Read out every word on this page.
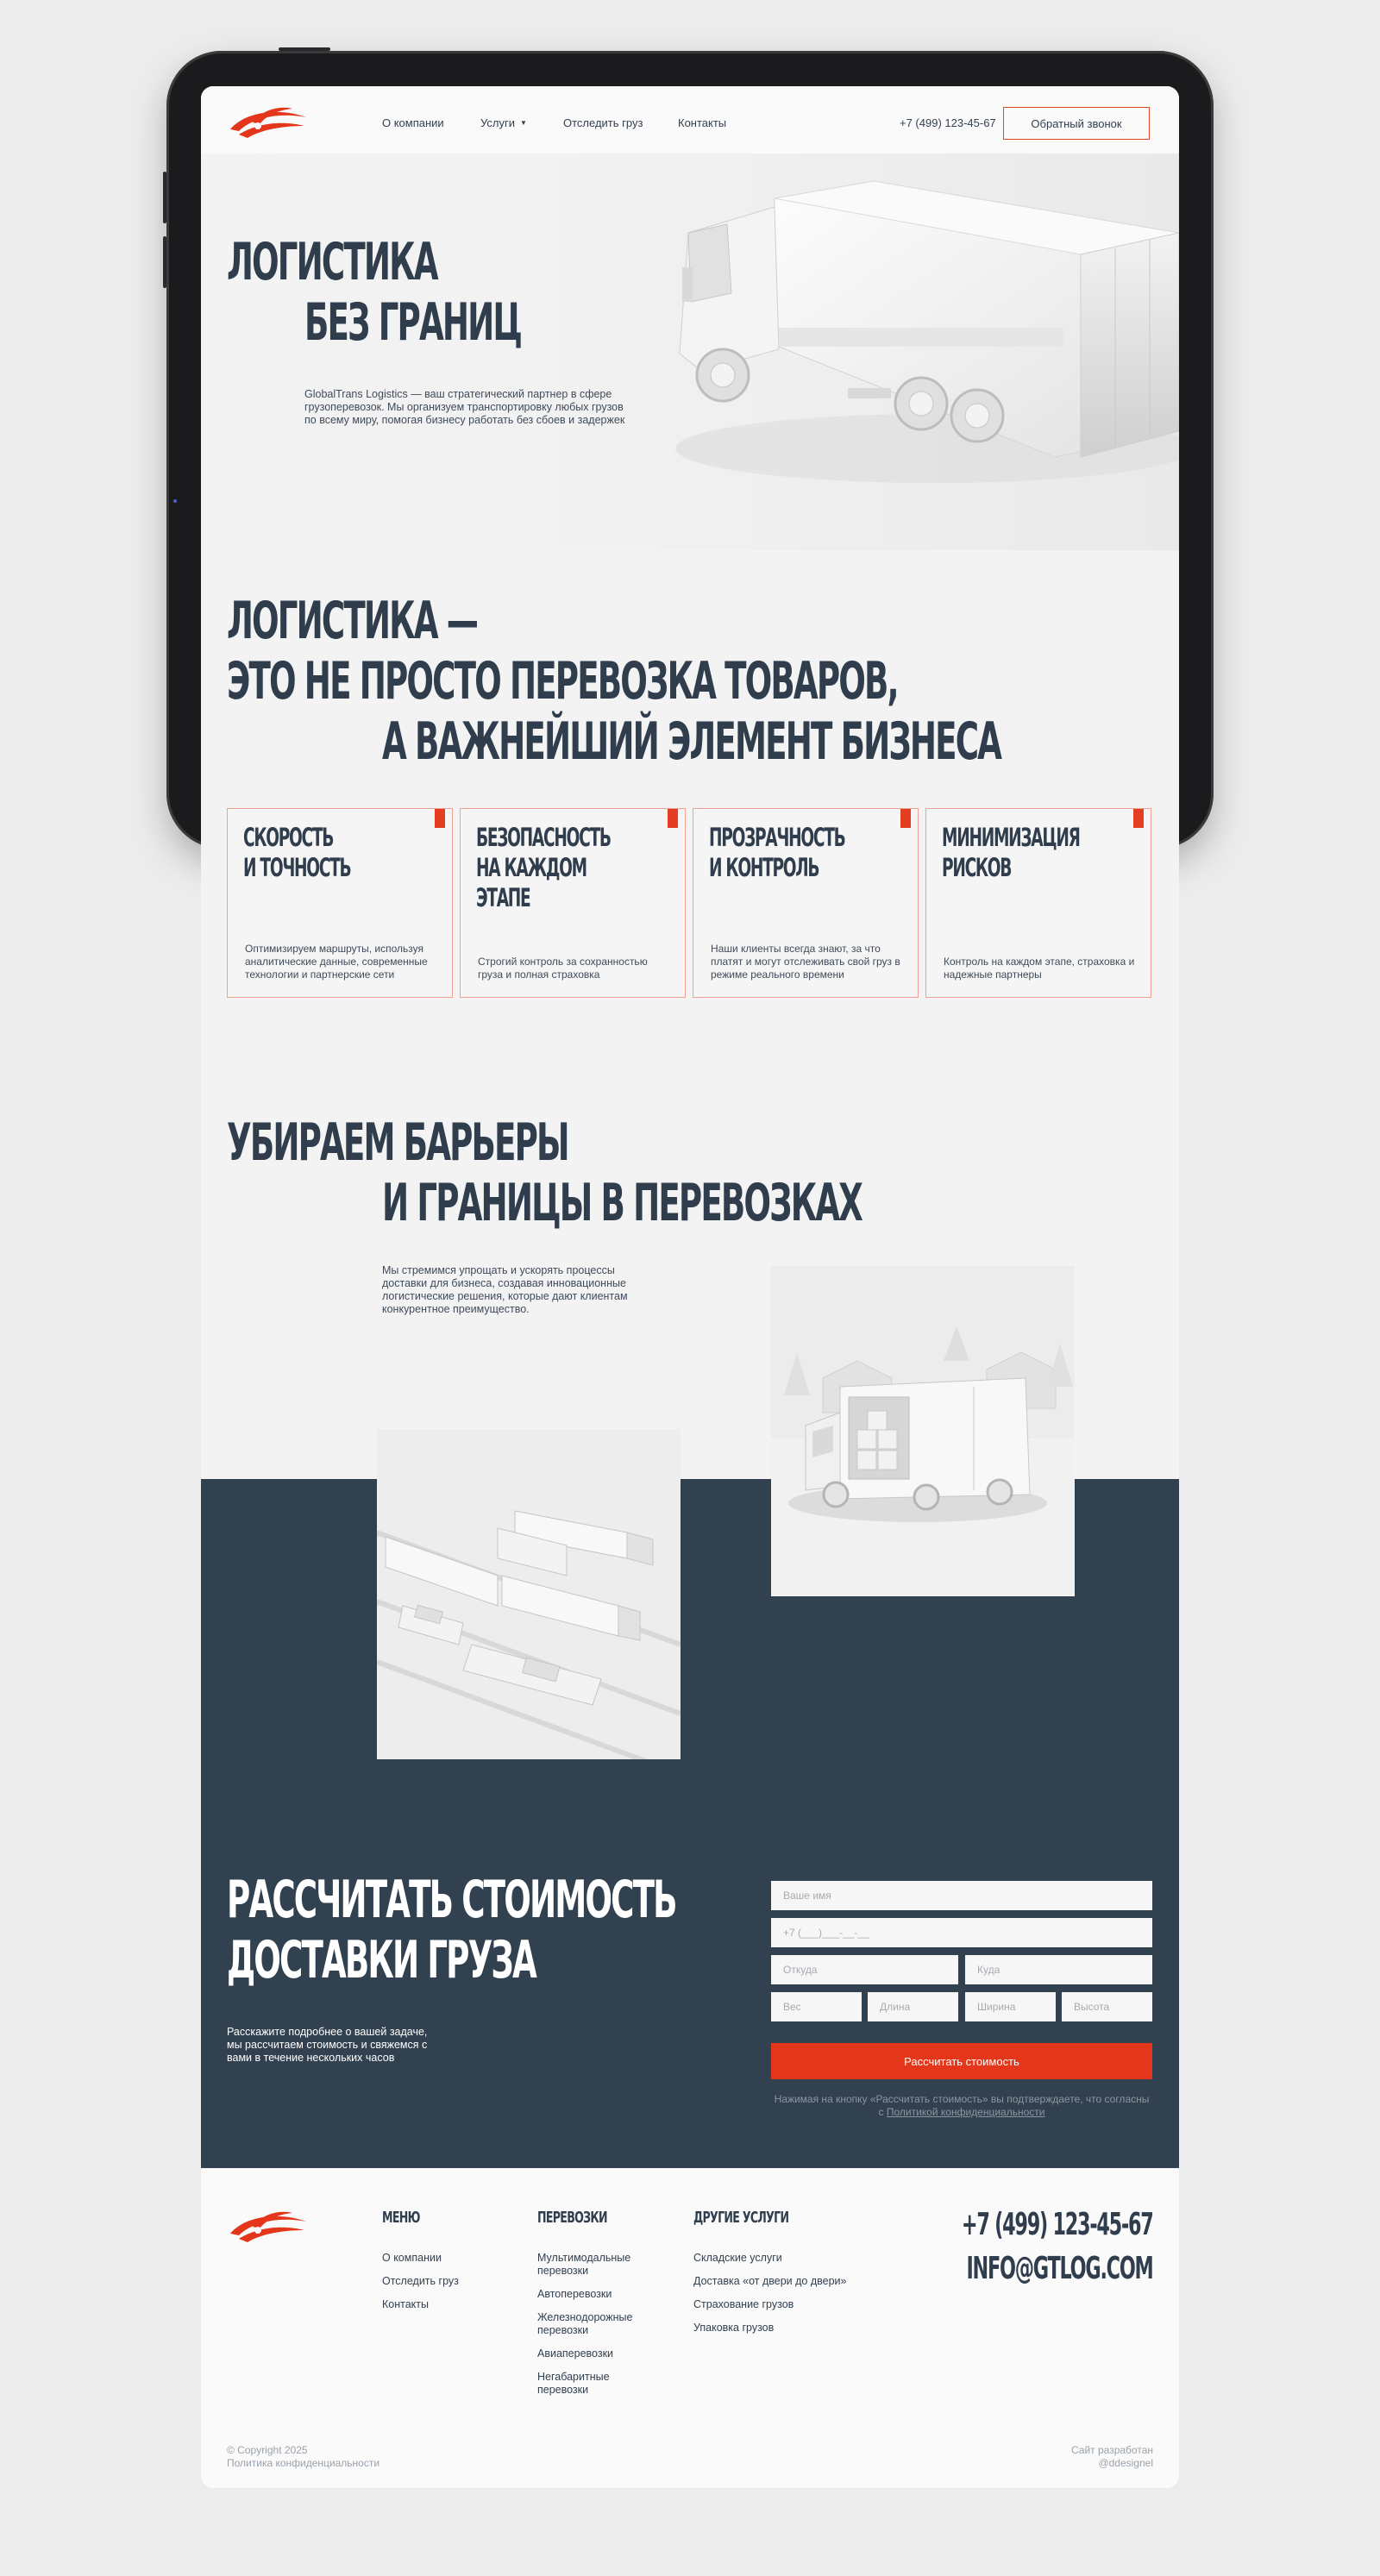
О компании	Услуги ▼	Отследить груз	Контакты	+7 (499) 123-45-67	Обратный звонок
ЛОГИСТИКА
БЕЗ ГРАНИЦ
GlobalTrans Logistics — ваш стратегический партнер в сфере грузоперевозок. Мы организуем транспортировку любых грузов по всему миру, помогая бизнесу работать без сбоев и задержек
ЛОГИСТИКА —
ЭТО НЕ ПРОСТО ПЕРЕВОЗКА ТОВАРОВ,
А ВАЖНЕЙШИЙ ЭЛЕМЕНТ БИЗНЕСА
СКОРОСТЬ
И ТОЧНОСТЬ
Оптимизируем маршруты, используя аналитические данные, современные технологии и партнерские сети
БЕЗОПАСНОСТЬ
НА КАЖДОМ
ЭТАПЕ
Строгий контроль за сохранностью груза и полная страховка
ПРОЗРАЧНОСТЬ
И КОНТРОЛЬ
Наши клиенты всегда знают, за что платят и могут отслеживать свой груз в режиме реального времени
МИНИМИЗАЦИЯ
РИСКОВ
Контроль на каждом этапе, страховка и надежные партнеры
УБИРАЕМ БАРЬЕРЫ
И ГРАНИЦЫ В ПЕРЕВОЗКАХ
Мы стремимся упрощать и ускорять процессы доставки для бизнеса, создавая инновационные логистические решения, которые дают клиентам конкурентное преимущество.
РАССЧИТАТЬ СТОИМОСТЬ
ДОСТАВКИ ГРУЗА
Расскажите подробнее о вашей задаче, мы рассчитаем стоимость и свяжемся с вами в течение нескольких часов
Ваше имя
+7 (___)___-__-__
Откуда
Куда
Вес
Длина
Ширина
Высота	Рассчитать стоимость
Нажимая на кнопку «Рассчитать стоимость» вы подтверждаете, что согласны с Политикой конфиденциальности
МЕНЮ
О компании
Отследить груз
Контакты
ПЕРЕВОЗКИ
Мультимодальные перевозки
Автоперевозки
Железнодорожные перевозки
Авиаперевозки
Негабаритные перевозки
ДРУГИЕ УСЛУГИ
Складские услуги
Доставка «от двери до двери»
Страхование грузов
Упаковка грузов
+7 (499) 123-45-67
INFO@GTLOG.COM
© Copyright 2025
Политика конфиденциальности
Сайт разработан
@ddesignel
